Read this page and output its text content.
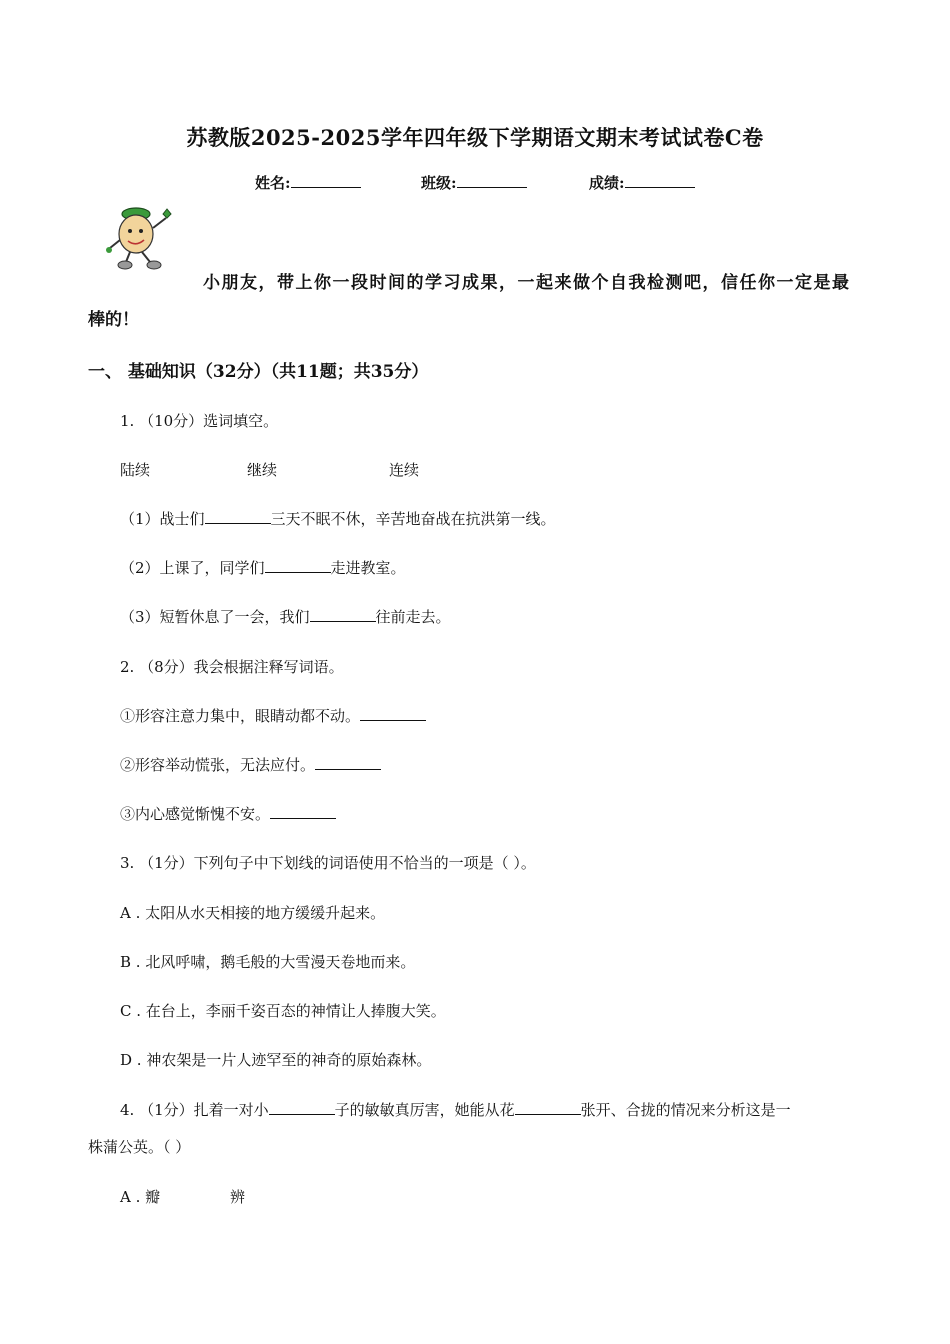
苏教版2025-2025学年四年级下学期语文期末考试试卷C卷
姓名:	班级:	成绩:
小朋友，带上你一段时间的学习成果，一起来做个自我检测吧，信任你一定是最
棒的！
一、 基础知识（32分）（共11题；共35分）
1. （10分）选词填空。
陆续	继续	连续
（1）战士们	三天不眠不休，辛苦地奋战在抗洪第一线。
（2）上课了，同学们	走进教室。
（3）短暂休息了一会，我们	往前走去。
2. （8分）我会根据注释写词语。
①形容注意力集中，眼睛动都不动。
②形容举动慌张，无法应付。
③内心感觉惭愧不安。
3. （1分）下列句子中下划线的词语使用不恰当的一项是（ ）。
A . 太阳从水天相接的地方缓缓升起来。
B . 北风呼啸，鹅毛般的大雪漫天卷地而来。
C . 在台上，李丽千姿百态的神情让人捧腹大笑。
D . 神农架是一片人迹罕至的神奇的原始森林。
4. （1分）扎着一对小	子的敏敏真厉害，她能从花	张开、合拢的情况来分析这是一
株蒲公英。（ ）
A . 瓣	辨
